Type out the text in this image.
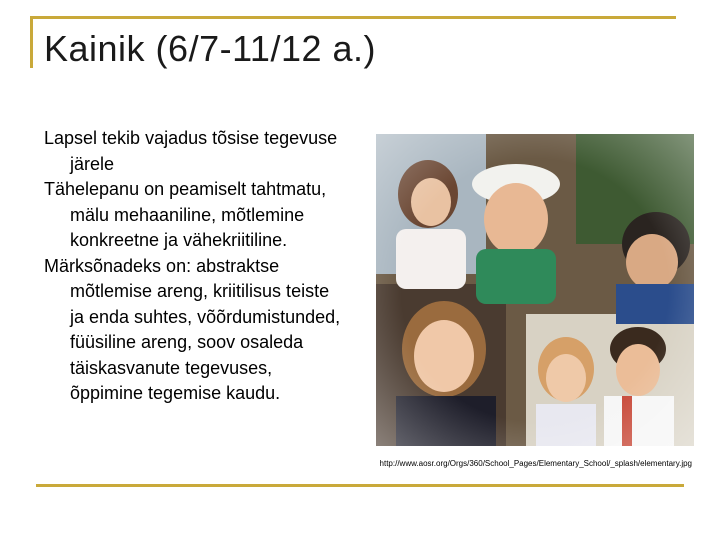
Kainik (6/7-11/12 a.)

Lapsel tekib vajadus tõsise tegevuse järele

Tähelepanu on peamiselt tahtmatu, mälu mehaaniline, mõtlemine konkreetne ja vähekriitiline.

Märksõnadeks on: abstraktse mõtlemise areng, kriitilisus teiste ja enda suhtes, võõrdumistunded, füüsiline areng, soov osaleda täiskasvanute tegevuses, õppimine tegemise kaudu.

http://www.aosr.org/Orgs/360/School_Pages/Elementary_School/_splash/elementary.jpg
